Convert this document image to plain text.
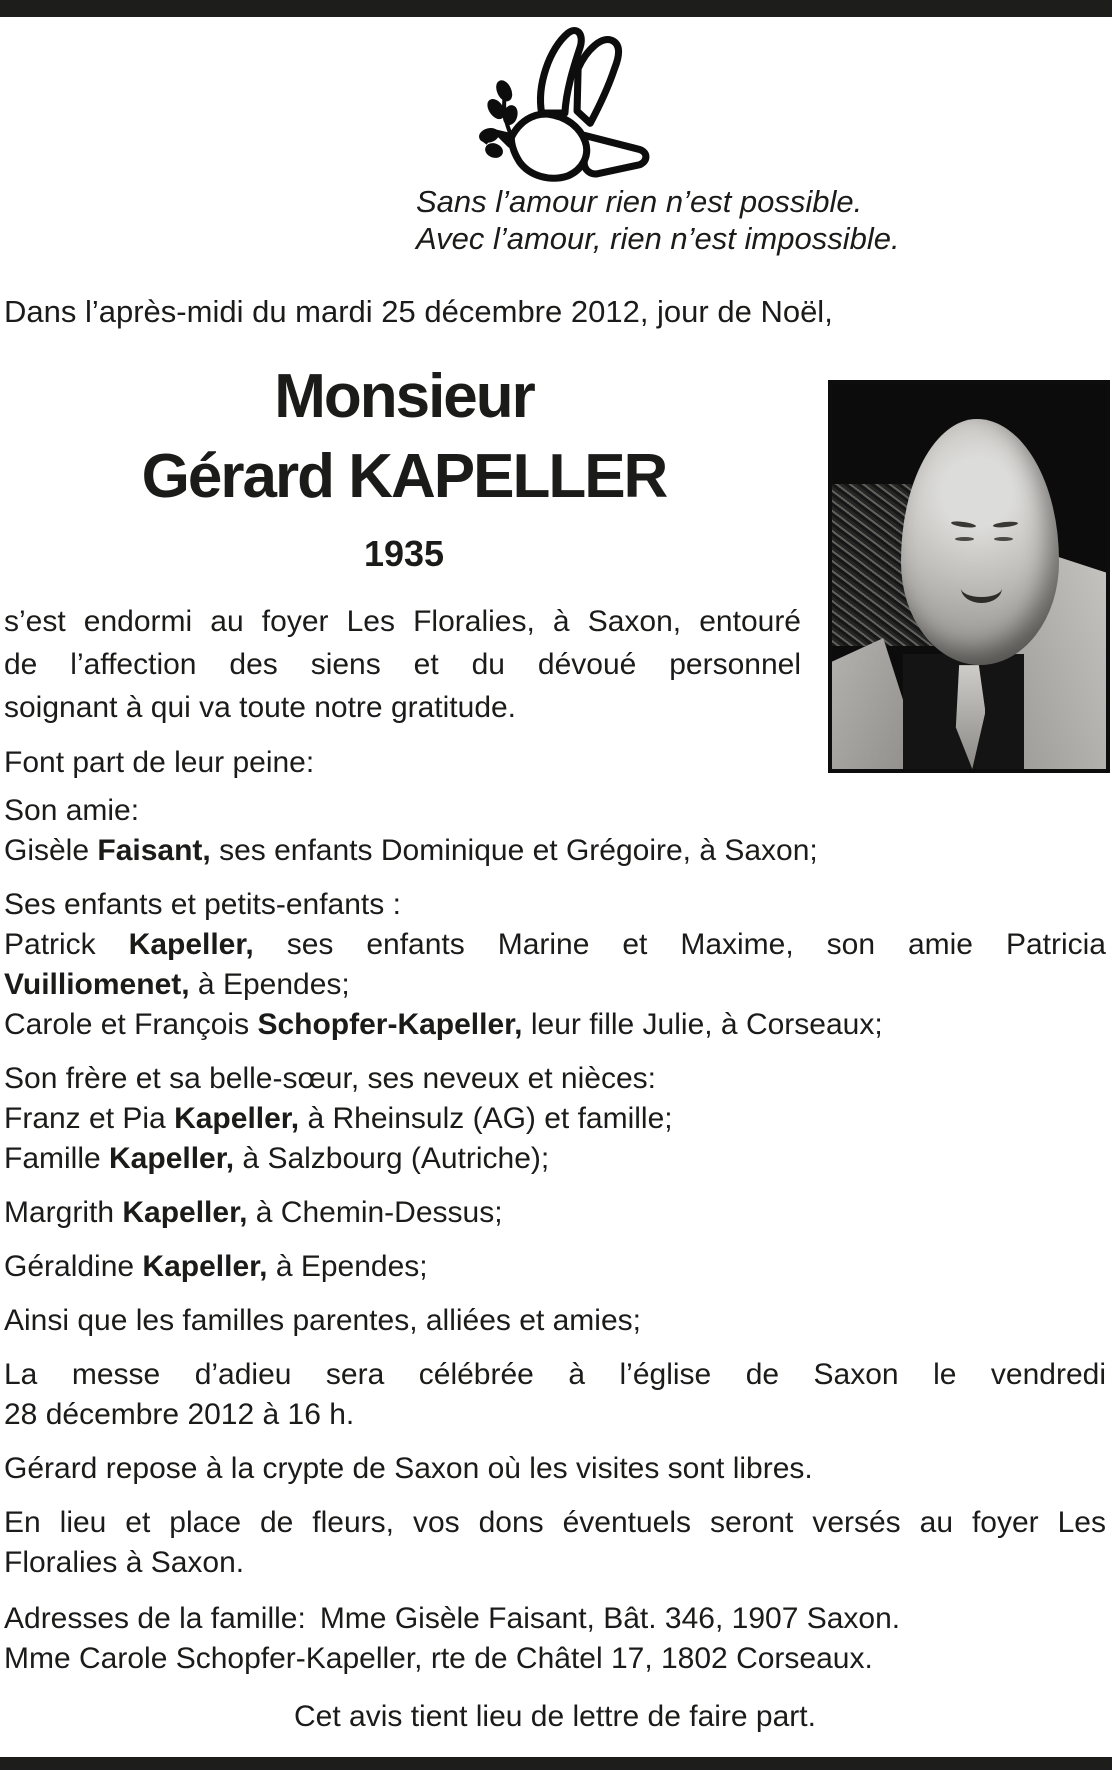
Sans l’amour rien n’est possible.
Avec l’amour, rien n’est impossible.
Dans l’après-midi du mardi 25 décembre 2012, jour de Noël,
Monsieur
Gérard KAPELLER
1935
s’est endormi au foyer Les Floralies, à Saxon, entouré
de l’affection des siens et du dévoué personnel
soignant à qui va toute notre gratitude.
Font part de leur peine:
Son amie:
Gisèle Faisant, ses enfants Dominique et Grégoire, à Saxon;
Ses enfants et petits-enfants :
Patrick Kapeller, ses enfants Marine et Maxime, son amie Patricia
Vuilliomenet, à Ependes;
Carole et François Schopfer-Kapeller, leur fille Julie, à Corseaux;
Son frère et sa belle-sœur, ses neveux et nièces:
Franz et Pia Kapeller, à Rheinsulz (AG) et famille;
Famille Kapeller, à Salzbourg (Autriche);
Margrith Kapeller, à Chemin-Dessus;
Géraldine Kapeller, à Ependes;
Ainsi que les familles parentes, alliées et amies;
La messe d’adieu sera célébrée à l’église de Saxon le vendredi
28 décembre 2012 à 16 h.
Gérard repose à la crypte de Saxon où les visites sont libres.
En lieu et place de fleurs, vos dons éventuels seront versés au foyer Les
Floralies à Saxon.
Adresses de la famille: Mme Gisèle Faisant, Bât. 346, 1907 Saxon.
Mme Carole Schopfer-Kapeller, rte de Châtel 17, 1802 Corseaux.
Cet avis tient lieu de lettre de faire part.
